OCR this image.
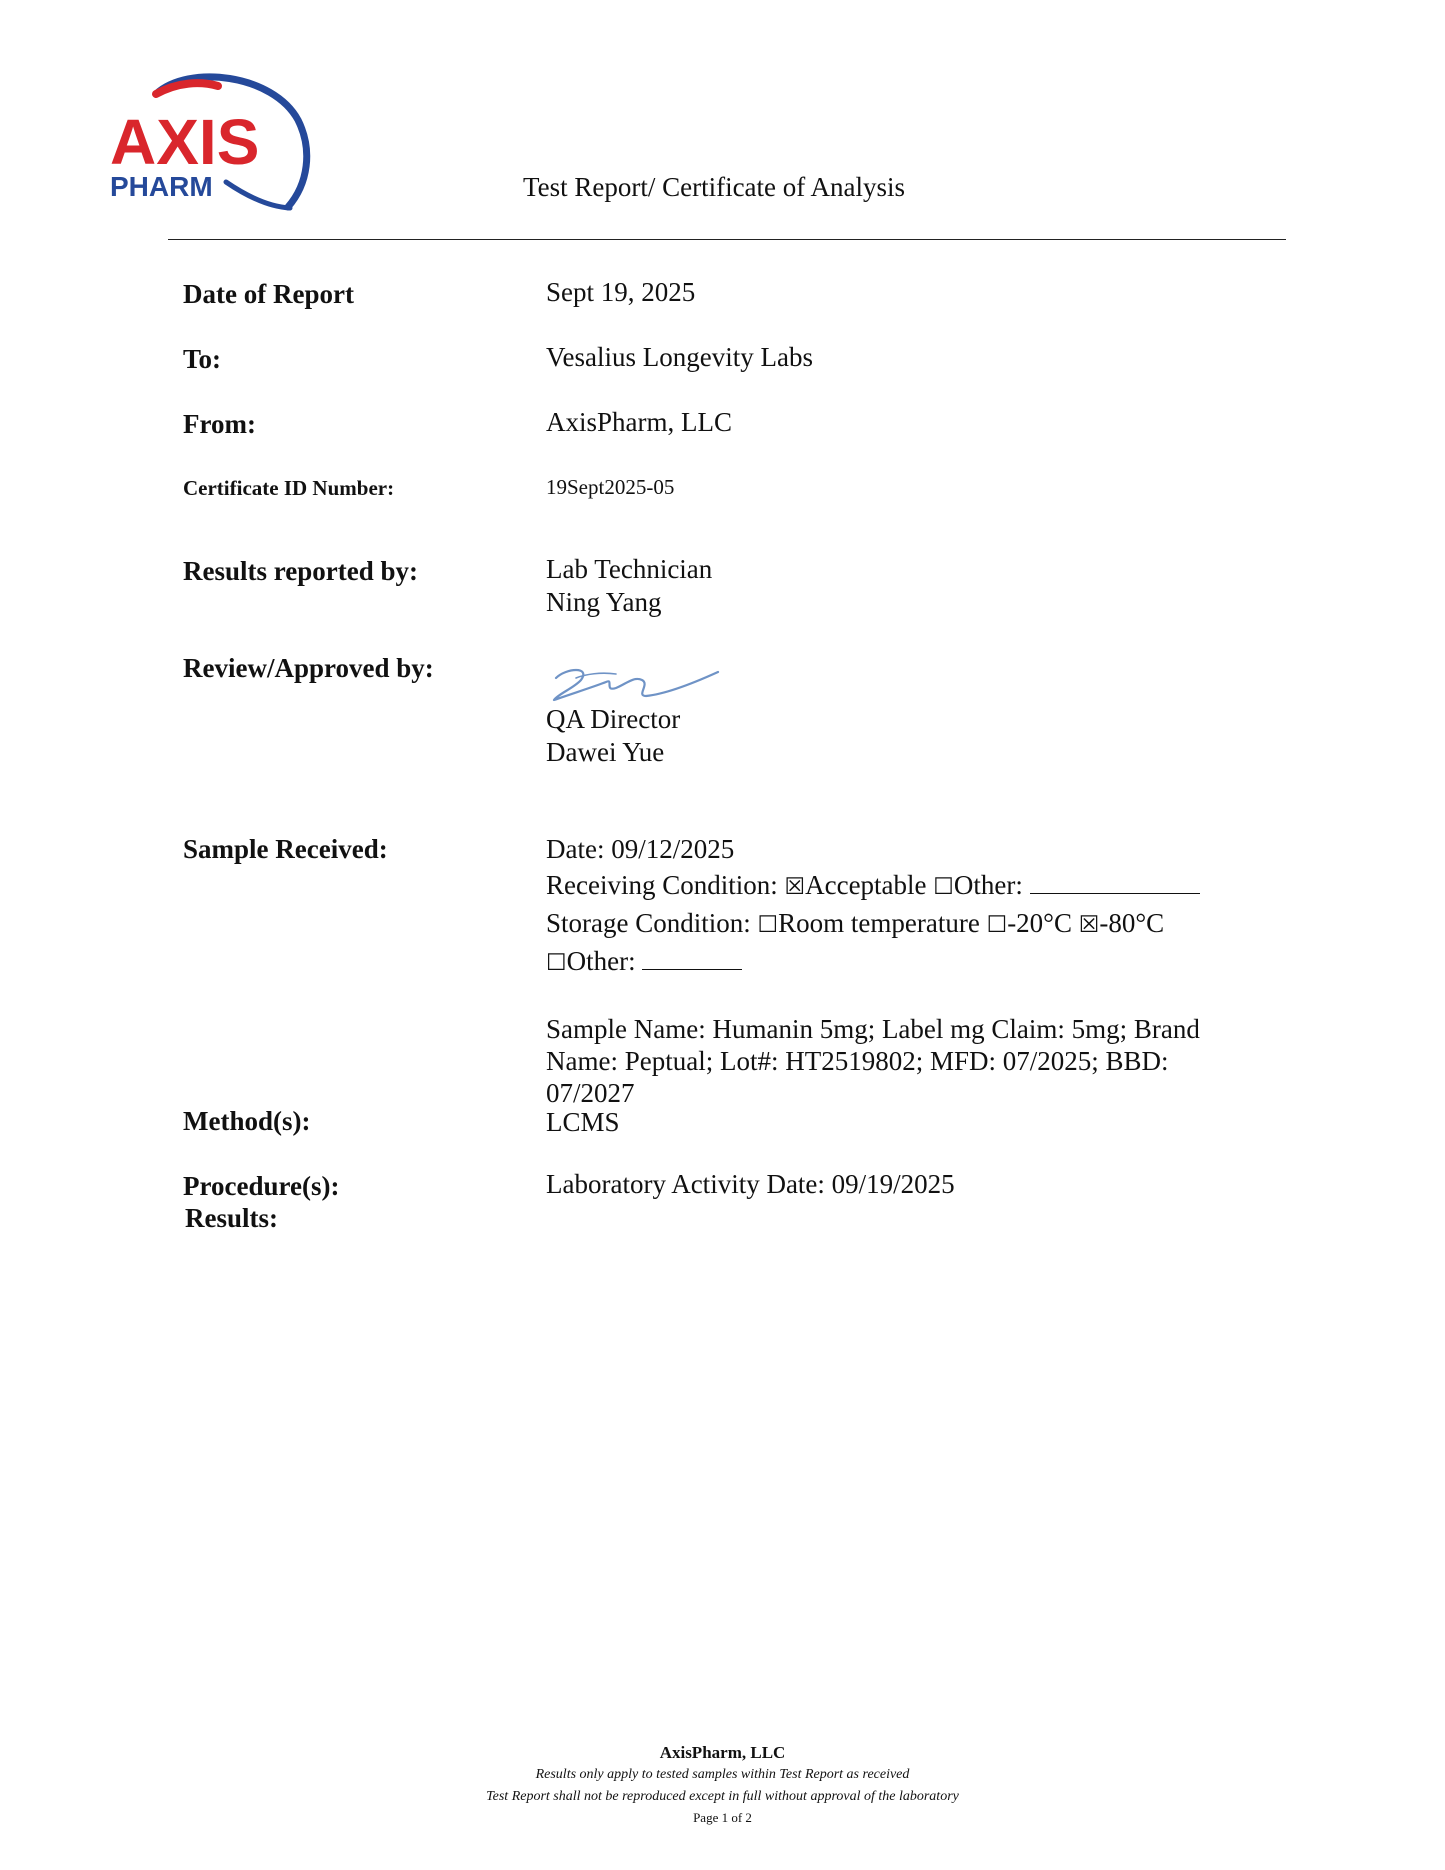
AXIS
PHARM	Test Report/ Certificate of Analysis
Date of Report	Sept 19, 2025
To:	Vesalius Longevity Labs
From:	AxisPharm, LLC
Certificate ID Number:	19Sept2025-05
Results reported by:	Lab Technician
Ning Yang
Review/Approved by:
QA Director
Dawei Yue
Sample Received:	Date: 09/12/2025
Receiving Condition: ☒Acceptable ☐Other:
Storage Condition: ☐Room temperature ☐-20°C ☒-80°C
☐Other:
Sample Name: Humanin 5mg; Label mg Claim: 5mg; Brand
Name: Peptual; Lot#: HT2519802; MFD: 07/2025; BBD:
07/2027
Method(s):	LCMS
Procedure(s):	Laboratory Activity Date: 09/19/2025
Results:
AxisPharm, LLC
Results only apply to tested samples within Test Report as received
Test Report shall not be reproduced except in full without approval of the laboratory
Page 1 of 2
